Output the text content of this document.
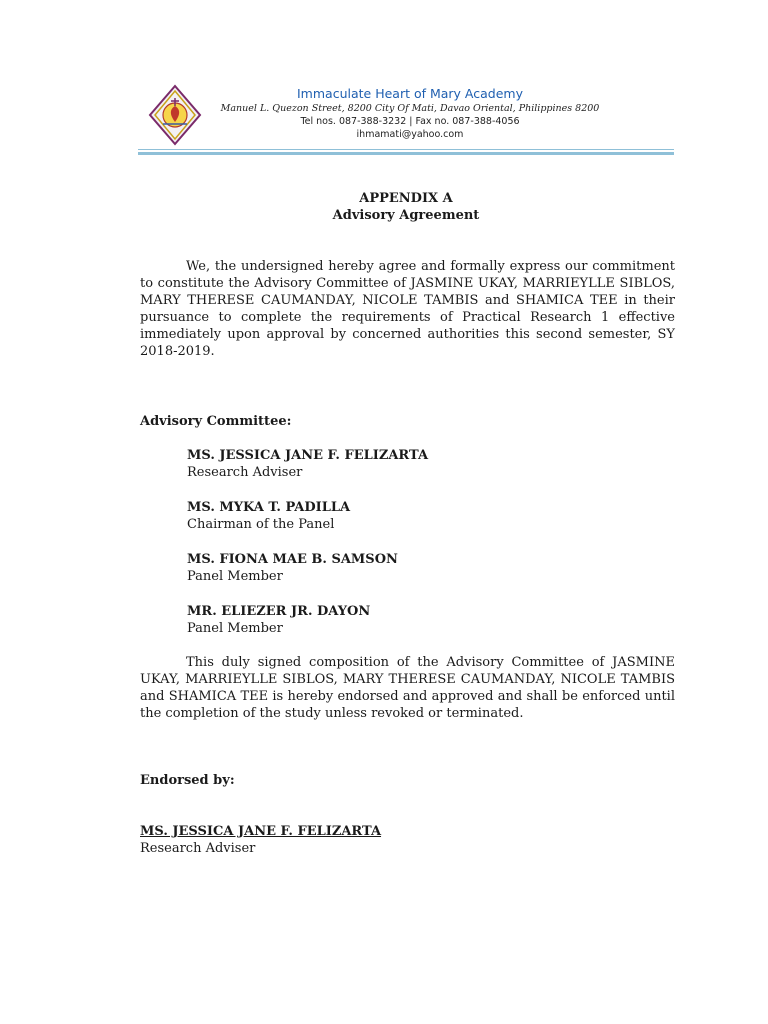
Immaculate Heart of Mary Academy
Manuel L. Quezon Street, 8200 City Of Mati, Davao Oriental, Philippines 8200
Tel nos. 087-388-3232 | Fax no. 087-388-4056
ihmamati@yahoo.com
APPENDIX A
Advisory Agreement
We, the undersigned hereby agree and formally express our commitment to constitute the Advisory Committee of JASMINE UKAY, MARRIEYLLE SIBLOS, MARY THERESE CAUMANDAY, NICOLE TAMBIS and SHAMICA TEE in their pursuance to complete the requirements of Practical Research 1 effective immediately upon approval by concerned authorities this second semester, SY 2018-2019.
Advisory Committee:
MS. JESSICA JANE F. FELIZARTA
Research Adviser
MS. MYKA T. PADILLA
Chairman of the Panel
MS. FIONA MAE B. SAMSON
Panel Member
MR. ELIEZER JR. DAYON
Panel Member
This duly signed composition of the Advisory Committee of JASMINE UKAY, MARRIEYLLE SIBLOS, MARY THERESE CAUMANDAY, NICOLE TAMBIS and SHAMICA TEE is hereby endorsed and approved and shall be enforced until the completion of the study unless revoked or terminated.
Endorsed by:
MS. JESSICA JANE F. FELIZARTA
Research Adviser
